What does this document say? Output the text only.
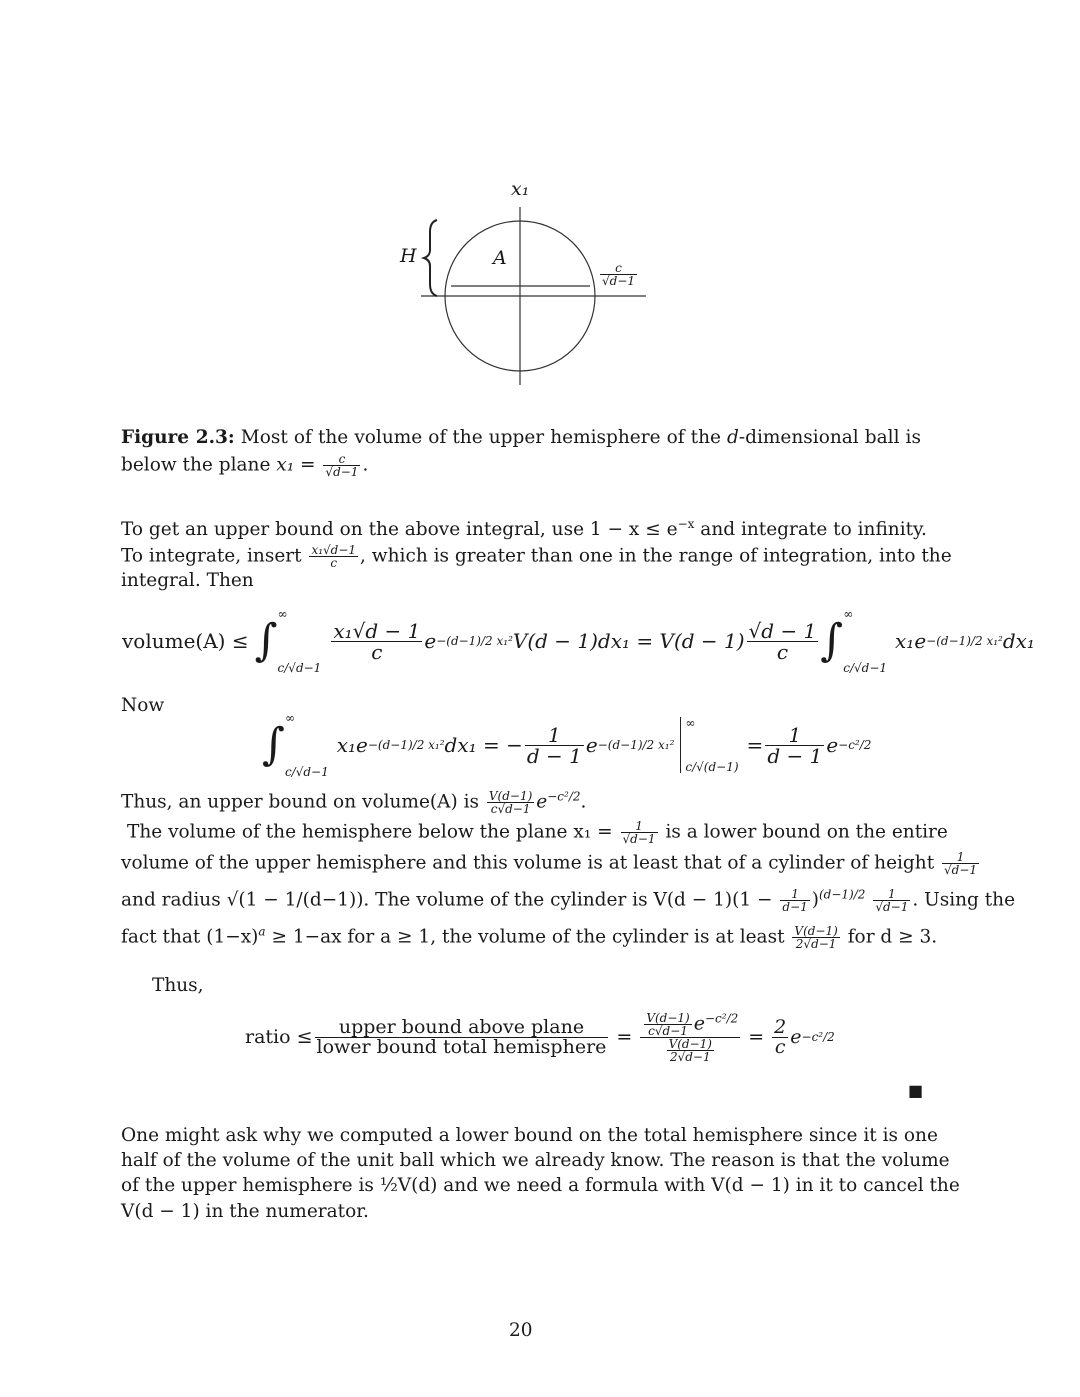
x₁
H	A
$\frac{c}{√d-1}$
Figure 2.3: Most of the volume of the upper hemisphere of the d-dimensional ball is
below the plane $x_1 = \frac{c}{√d-1}$ .
To get an upper bound on the above integral, use $1 - x \le e^{-x}$ and integrate to infinity.
To integrate, insert $\frac{\text{x₁√d−1}}{c}$ , which is greater than one in the range of integration, into the
integral. Then
volume(A) ≤ ∫
∞
c/√d−1
$\frac{\text{x₁√d − 1}}{c}$ e −(d−1)/2 x₁² $V(d - 1)dx_1 = V(d - 1) \frac{√d - 1}{c}$ ∫
∞
c/√d−1
x₁e −(d−1)/2 x₁² dx₁
Now
∫
∞
c/√d−1
x₁e −(d−1)/2 x₁² dx₁ = − $\frac{1}{d - 1}$ e −(d−1)/2 x₁²
∞
c/√(d−1)
= $\frac{1}{d - 1}$ e −c²/2
Thus, an upper bound on volume(A) is $\frac{V(d-1)}{c√d-1} e^{-c^2/2}$.
The volume of the hemisphere below the plane $x_1 = \frac{1}{√d-1}$ is a lower bound on the entire
volume of the upper hemisphere and this volume is at least that of a cylinder of height $\frac{1}{√d-1}$
and radius √(1 − 1/(d−1)). The volume of the cylinder is $V(d - 1)(1 - \frac{1}{d-1} )^{(d-1)/2} \frac{1}{√d-1}$ . Using the
fact that $(1-x)^a \ge 1-ax$ for a ≥ 1, the volume of the cylinder is at least $\frac{V(d-1)}{2√d-1}$ for d ≥ 3.
Thus,
ratio ≤ $\frac{\text{upper bound above plane}}{\text{lower bound total hemisphere}} = \frac{\frac{V(d-1)}{c√d-1} e^{-c^2/2}}{\frac{V(d-1)}{2√d-1}} = \frac{2}{c}$ e −c²/2
■
One might ask why we computed a lower bound on the total hemisphere since it is one
half of the volume of the unit ball which we already know. The reason is that the volume
of the upper hemisphere is ½V(d) and we need a formula with V(d − 1) in it to cancel the
V(d − 1) in the numerator.
20
